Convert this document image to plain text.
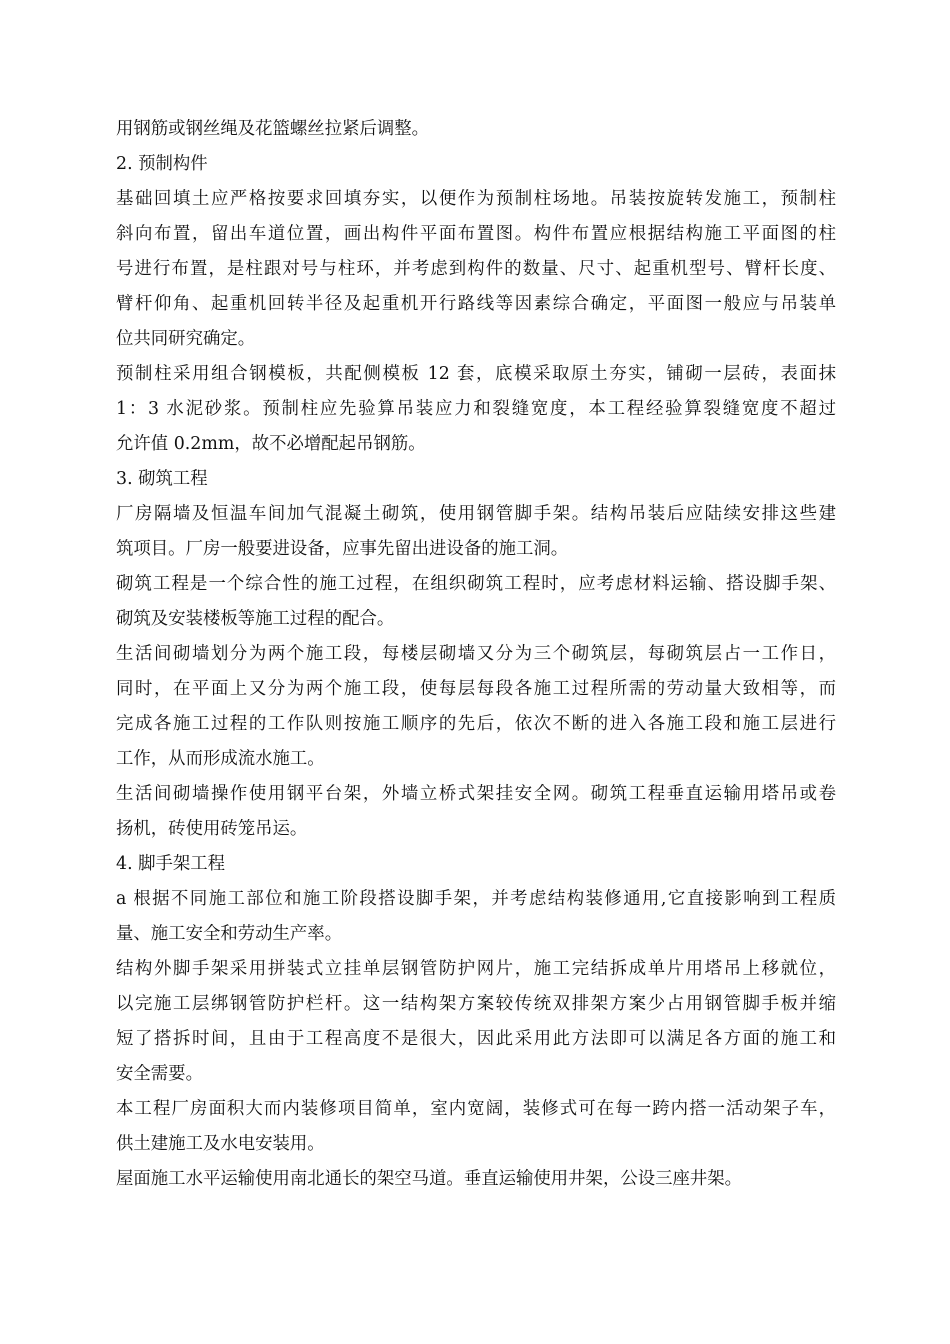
用钢筋或钢丝绳及花篮螺丝拉紧后调整。
2. 预制构件
基础回填土应严格按要求回填夯实，以便作为预制柱场地。吊装按旋转发施工，预制柱
斜向布置，留出车道位置，画出构件平面布置图。构件布置应根据结构施工平面图的柱
号进行布置，是柱跟对号与柱环，并考虑到构件的数量、尺寸、起重机型号、臂杆长度、
臂杆仰角、起重机回转半径及起重机开行路线等因素综合确定，平面图一般应与吊装单
位共同研究确定。
预制柱采用组合钢模板，共配侧模板 12 套，底模采取原土夯实，铺砌一层砖，表面抹
1：3 水泥砂浆。预制柱应先验算吊装应力和裂缝宽度，本工程经验算裂缝宽度不超过
允许值 0.2mm，故不必增配起吊钢筋。
3. 砌筑工程
厂房隔墙及恒温车间加气混凝土砌筑，使用钢管脚手架。结构吊装后应陆续安排这些建
筑项目。厂房一般要进设备，应事先留出进设备的施工洞。
砌筑工程是一个综合性的施工过程，在组织砌筑工程时，应考虑材料运输、搭设脚手架、
砌筑及安装楼板等施工过程的配合。
生活间砌墙划分为两个施工段，每楼层砌墙又分为三个砌筑层，每砌筑层占一工作日，
同时，在平面上又分为两个施工段，使每层每段各施工过程所需的劳动量大致相等，而
完成各施工过程的工作队则按施工顺序的先后，依次不断的进入各施工段和施工层进行
工作，从而形成流水施工。
生活间砌墙操作使用钢平台架，外墙立桥式架挂安全网。砌筑工程垂直运输用塔吊或卷
扬机，砖使用砖笼吊运。
4. 脚手架工程
a 根据不同施工部位和施工阶段搭设脚手架，并考虑结构装修通用,它直接影响到工程质
量、施工安全和劳动生产率。
结构外脚手架采用拼装式立挂单层钢管防护网片，施工完结拆成单片用塔吊上移就位，
以完施工层绑钢管防护栏杆。这一结构架方案较传统双排架方案少占用钢管脚手板并缩
短了搭拆时间，且由于工程高度不是很大，因此采用此方法即可以满足各方面的施工和
安全需要。
本工程厂房面积大而内装修项目简单，室内宽阔，装修式可在每一跨内搭一活动架子车，
供土建施工及水电安装用。
屋面施工水平运输使用南北通长的架空马道。垂直运输使用井架，公设三座井架。
